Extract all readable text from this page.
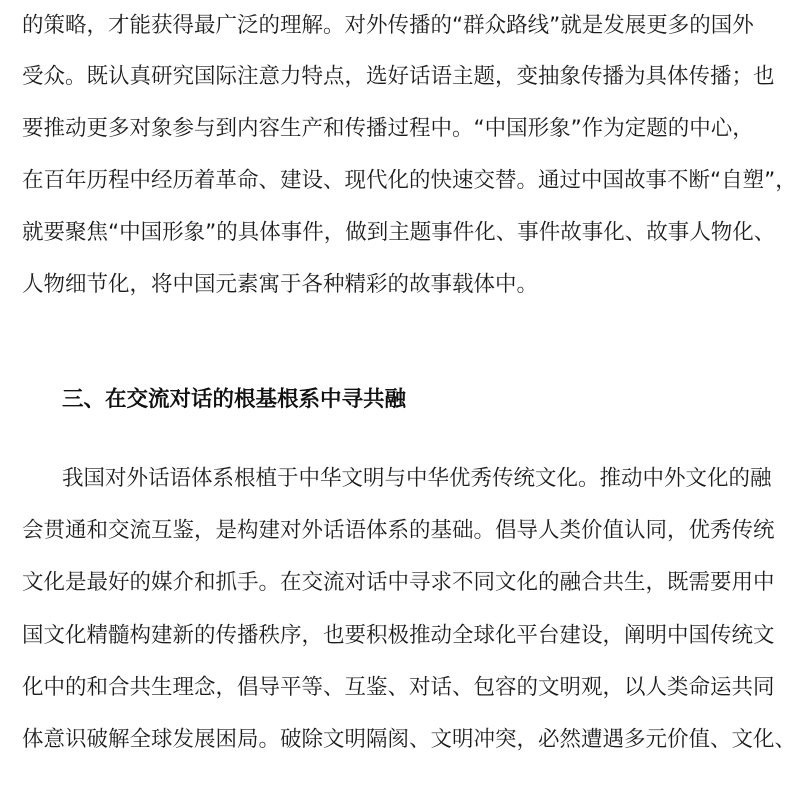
的策略，才能获得最广泛的理解。对外传播的“群众路线”就是发展更多的国外
受众。既认真研究国际注意力特点，选好话语主题，变抽象传播为具体传播；也
要推动更多对象参与到内容生产和传播过程中。“中国形象”作为定题的中心，
在百年历程中经历着革命、建设、现代化的快速交替。通过中国故事不断“自塑”，
就要聚焦“中国形象”的具体事件，做到主题事件化、事件故事化、故事人物化、
人物细节化，将中国元素寓于各种精彩的故事载体中。
三、在交流对话的根基根系中寻共融
我国对外话语体系根植于中华文明与中华优秀传统文化。推动中外文化的融
会贯通和交流互鉴，是构建对外话语体系的基础。倡导人类价值认同，优秀传统
文化是最好的媒介和抓手。在交流对话中寻求不同文化的融合共生，既需要用中
国文化精髓构建新的传播秩序，也要积极推动全球化平台建设，阐明中国传统文
化中的和合共生理念，倡导平等、互鉴、对话、包容的文明观，以人类命运共同
体意识破解全球发展困局。破除文明隔阂、文明冲突，必然遭遇多元价值、文化、
